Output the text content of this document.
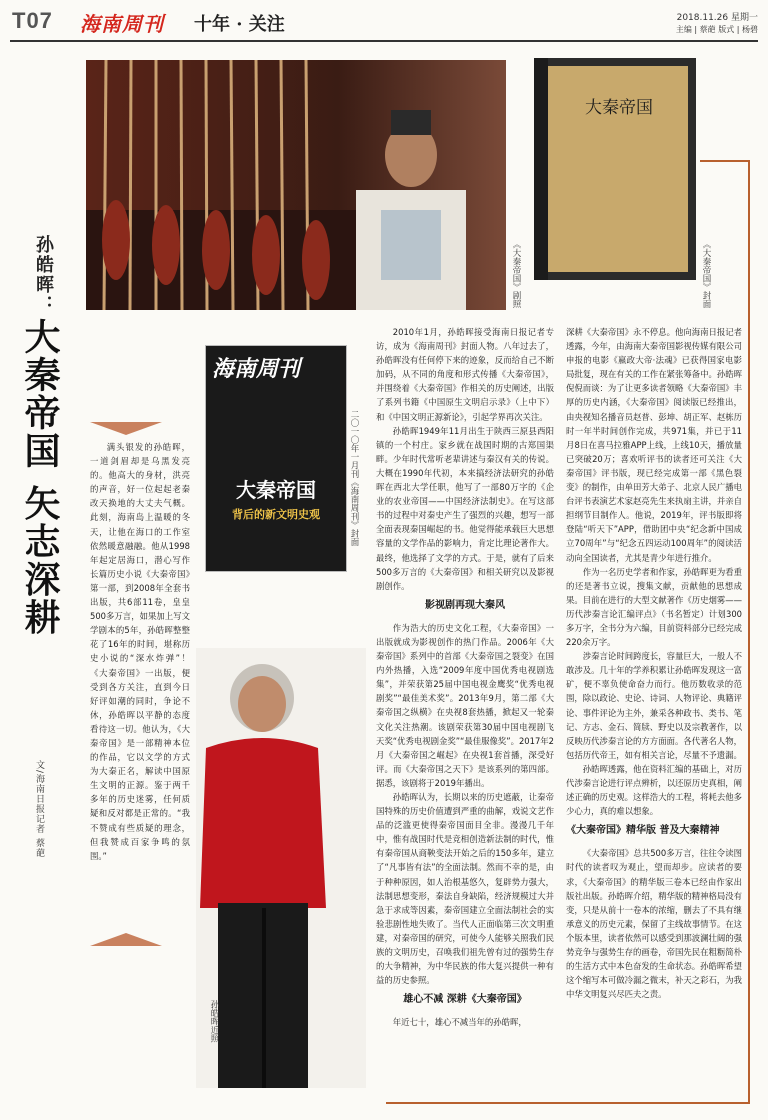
T07 海南周刊 十年 · 关注	2018.11.26 星期一
主编 | 蔡葩 版式 | 杨碧
《大秦帝国》剧照
大秦帝国
《大秦帝国》封面
孙皓晖：
大秦帝国 矢志深耕
文/海南日报记者 蔡葩

满头银发的孙皓晖，一道剑眉却是乌黑发亮的。他高大的身材，洪亮的声音，好一位起起老秦改天换地的大丈夫气概。此刻，海南岛上温暖的冬天，让他在海口的工作室依然暖意融融。他从1998年起定居海口，潜心写作长篇历史小说《大秦帝国》第一部，到2008年全套书出版，共6部11卷，皇皇500多万言，如果加上写文学剧本的5年，孙皓晖整整花了16年的时间，堪称历史小说的“深水炸弹”！《大秦帝国》一出版，便受到各方关注，直到今日好评如潮的同时，争论不休，孙皓晖以平静的态度看待这一切。他认为，《大秦帝国》是一部精神本位的作品，它以文学的方式为大秦正名，解读中国原生文明的正源。鉴于两千多年的历史迷雾，任何质疑和反对都是正常的。“我不赞成有些质疑的理念，但我赞成百家争鸣的氛围。”

海南周刊
大秦帝国
背后的新文明史观	二〇一〇年一月刊《海南周刊》封面
孙皓晖近照

2010年1月，孙皓晖接受海南日报记者专访，成为《海南周刊》封面人物。八年过去了，孙皓晖没有任何停下来的迹象，反而给自己不断加码，从不同的角度和形式传播《大秦帝国》，并围绕着《大秦帝国》作相关的历史阐述，出版了系列书籍《中国原生文明启示录》（上中下）和《中国文明正源新论》，引起学界再次关注。

孙皓晖1949年11月出生于陕西三原县西阳镇的一个村庄。家乡就在战国时期的古郑国渠畔。少年时代常听老辈讲述与秦汉有关的传说。大概在1990年代初，本来搞经济法研究的孙皓晖在西北大学任职，他写了一部80万字的《企业的农业帝国——中国经济法制史》。在写这部书的过程中对秦史产生了强烈的兴趣，想写一部全面表现秦国崛起的书。他觉得能承载巨大思想容量的文学作品的影响力，肯定比理论著作大。最终，他选择了文学的方式。于是，就有了后来500多万言的《大秦帝国》和相关研究以及影视剧创作。

影视剧再现大秦风

作为浩大的历史文化工程，《大秦帝国》一出版就成为影视创作的热门作品。2006年《大秦帝国》系列中的首部《大秦帝国之裂变》在国内外热播，入选“2009年度中国优秀电视剧选集”，并荣获第25届中国电视金鹰奖“优秀电视剧奖”“最佳美术奖”。2013年9月，第二部《大秦帝国之纵横》在央视8套热播，掀起又一轮秦文化关注热潮。该剧荣获第30届中国电视剧飞天奖“优秀电视剧金奖”“最佳服像奖”。2017年2月《大秦帝国之崛起》在央视1套首播，深受好评。而《大秦帝国之天下》是该系列的第四部。据悉，该剧将于2019年播出。

孙皓晖认为，长期以来的历史遮蔽，让秦帝国特殊的历史价值遭到严重的曲解，戏说文艺作品的泛滥更使得秦帝国面目全非。漫漫几千年中，惟有战国时代是竞相创造新法制的时代，惟有秦帝国从商鞅变法开始之后的150多年，建立了“凡事皆有法”的全面法制。然而不幸的是，由于种种原因，如人治根基悠久，复辟势力强大，法制思想变形，秦法自身缺陷，经济规模过大并急于求成等因素，秦帝国建立全面法制社会的实验悲剧性地失败了。当代人正面临第三次文明重建，对秦帝国的研究，可使今人能够关照我们民族的文明历史，召唤我们祖先曾有过的强势生存的大争精神，为中华民族的伟大复兴提供一种有益的历史参照。

雄心不减 深耕《大秦帝国》

年近七十，雄心不减当年的孙皓晖，

深耕《大秦帝国》永不停息。他向海南日报记者透露，今年，由海南大秦帝国影视传媒有限公司申报的电影《嬴政大帝·法魂》已获得国家电影局批复，现在有关的工作在紧张筹备中。孙皓晖倪倪而谈：为了让更多读者领略《大秦帝国》丰厚的历史内涵，《大秦帝国》阅读版已经推出，由央视知名播音员赵普、彭坤、胡正军、赵栋历时一年半时间创作完成，共971集，并已于11月8日在喜马拉雅APP上线，上线10天，播放量已突破20万；喜欢听评书的读者还可关注《大秦帝国》评书版，现已经完成第一部《黑色裂变》的制作，由单田芳大弟子、北京人民广播电台评书表演艺术家赵亮先生来执扇主讲，并亲自担纲节目制作人。他说，2019年，评书版即将登陆“听天下”APP，借助团中央“纪念新中国成立70周年”与“纪念五四运动100周年”的阅读活动向全国读者，尤其是青少年进行推介。

作为一名历史学者和作家，孙皓晖更为看重的还是著书立说，搜集文献，贡献他的思想成果。目前在进行的大型文献著作《历史烟雾——历代涉秦言论汇编评点》（书名暂定）计划300多万字，全书分为六编，目前资料部分已经完成220余万字。

涉秦言论时间跨度长，容量巨大，一般人不敢涉及。几十年的学养积累让孙皓晖发现这一富矿，便不辜负使命奋力而行。他历数收录的范围，除以政论、史论、诗词、人物评论、典籍评论、事件评论为主外，兼采各种政书、类书、笔记、方志、金石、简牍、野史以及宗教著作，以反映历代涉秦言论的方方面面。各代著名人物，包括历代帝王，如有相关言论，尽量不予遗漏。

孙皓晖透露，他在资料汇编的基础上，对历代涉秦言论进行评点辨析，以还原历史真相，阐述正确的历史观。这样浩大的工程，将耗去他多少心力，真的难以想象。

《大秦帝国》精华版 普及大秦精神

《大秦帝国》总共500多万言，往往令读图时代的读者叹为观止，望而却步。应读者的要求，《大秦帝国》的精华版三卷本已经由作家出版社出版。孙皓晖介绍，精华版的精神格局没有变，只是从前十一卷本的浓缩，删去了不具有继承意义的历史元素，保留了主线故事情节。在这个版本里，读者依然可以感受到那波澜壮阔的强势竞争与强势生存的画卷，帝国先民在粗粝简朴的生活方式中本色奋发的生命状态。孙皓晖希望这个缩写本可做冷漏之微末，补天之彩石，为我中华文明复兴尽匹夫之责。
